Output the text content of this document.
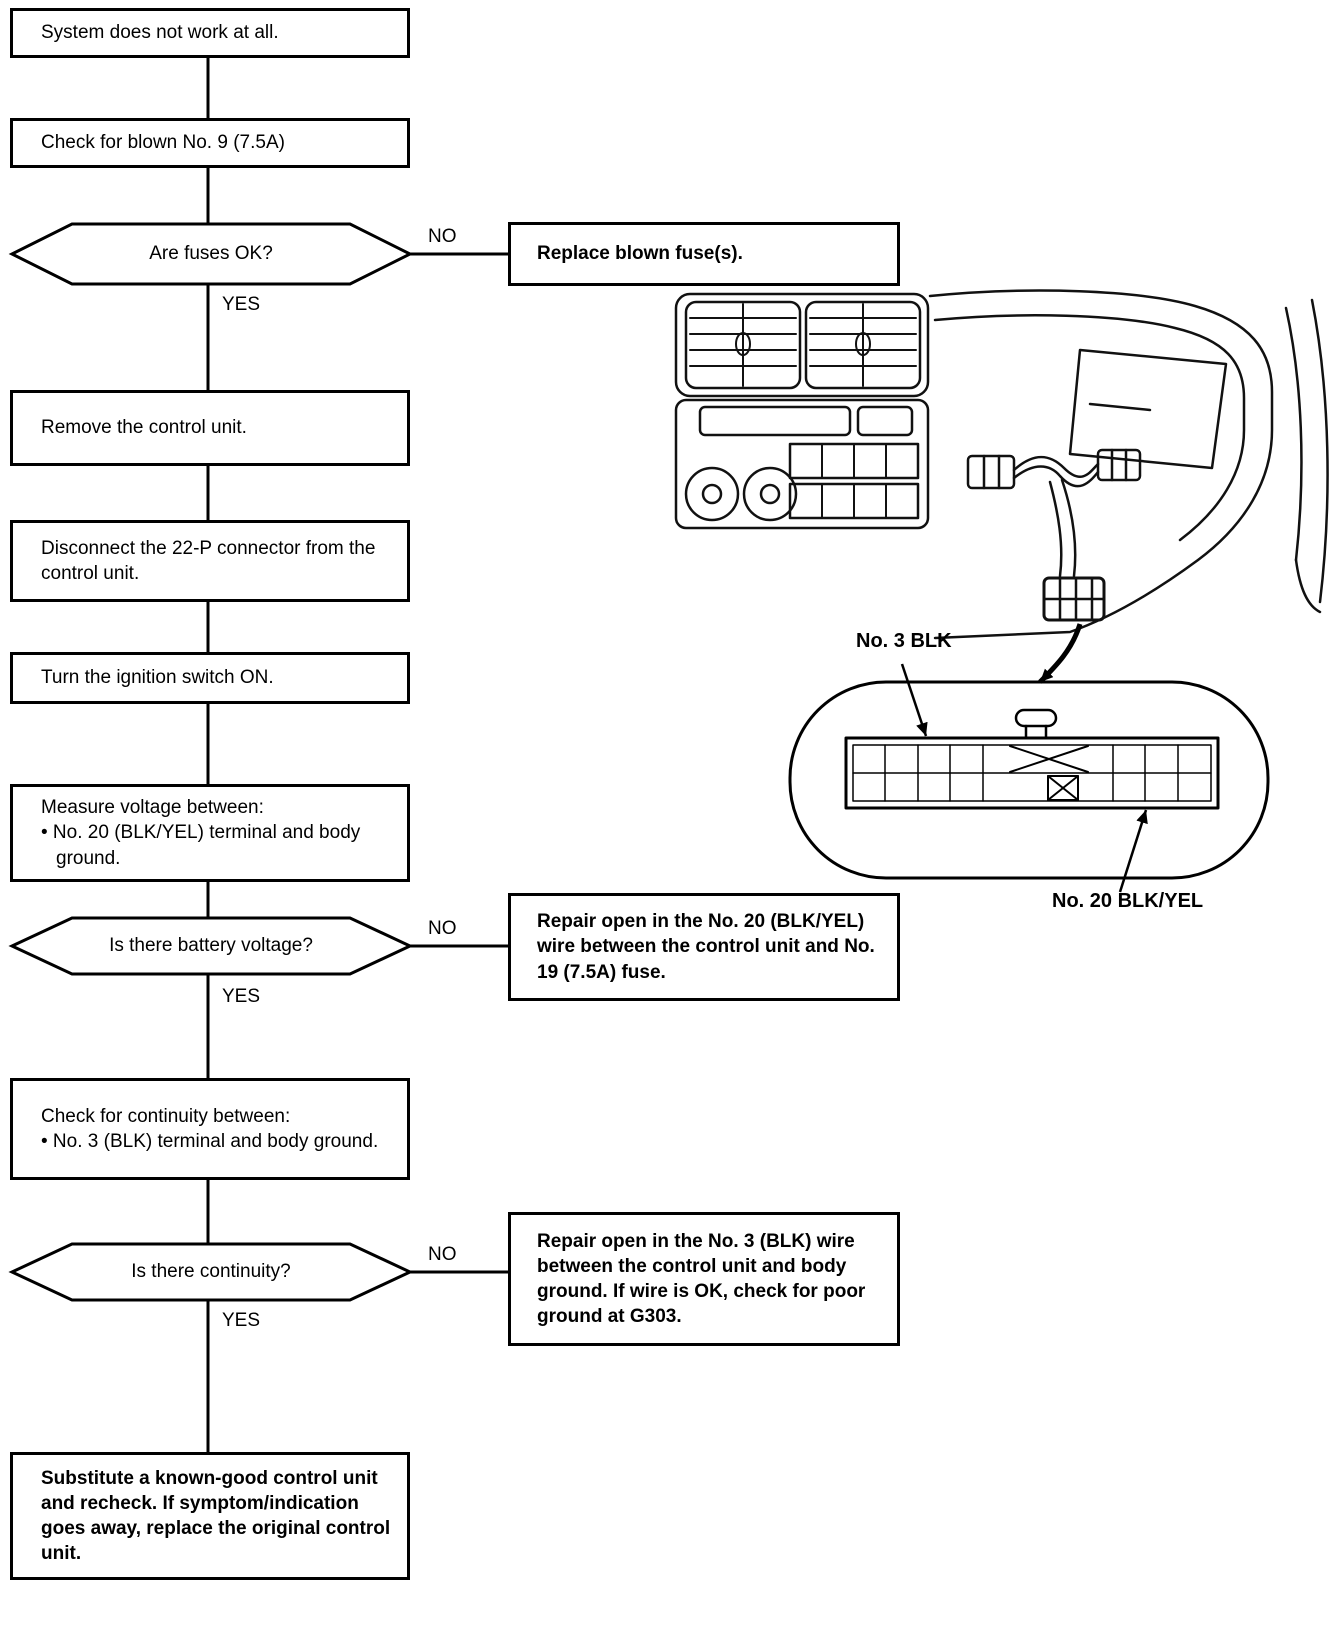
System does not work at all.
Check for blown No. 9 (7.5A)
Are fuses OK?
NO
YES
Replace blown fuse(s).
Remove the control unit.
Disconnect the 22-P connector from the control unit.
Turn the ignition switch ON.
Measure voltage between:
• No. 20 (BLK/YEL) terminal and body ground.
Is there battery voltage?
NO
YES
Repair open in the No. 20 (BLK/YEL) wire between the control unit and No. 19 (7.5A) fuse.
Check for continuity between:
• No. 3 (BLK) terminal and body ground.
Is there continuity?
NO
YES
Repair open in the No. 3 (BLK) wire between the control unit and body ground. If wire is OK, check for poor ground at G303.
Substitute a known-good control unit and recheck. If symptom/indication goes away, replace the original control unit.
No. 3 BLK
No. 20 BLK/YEL
